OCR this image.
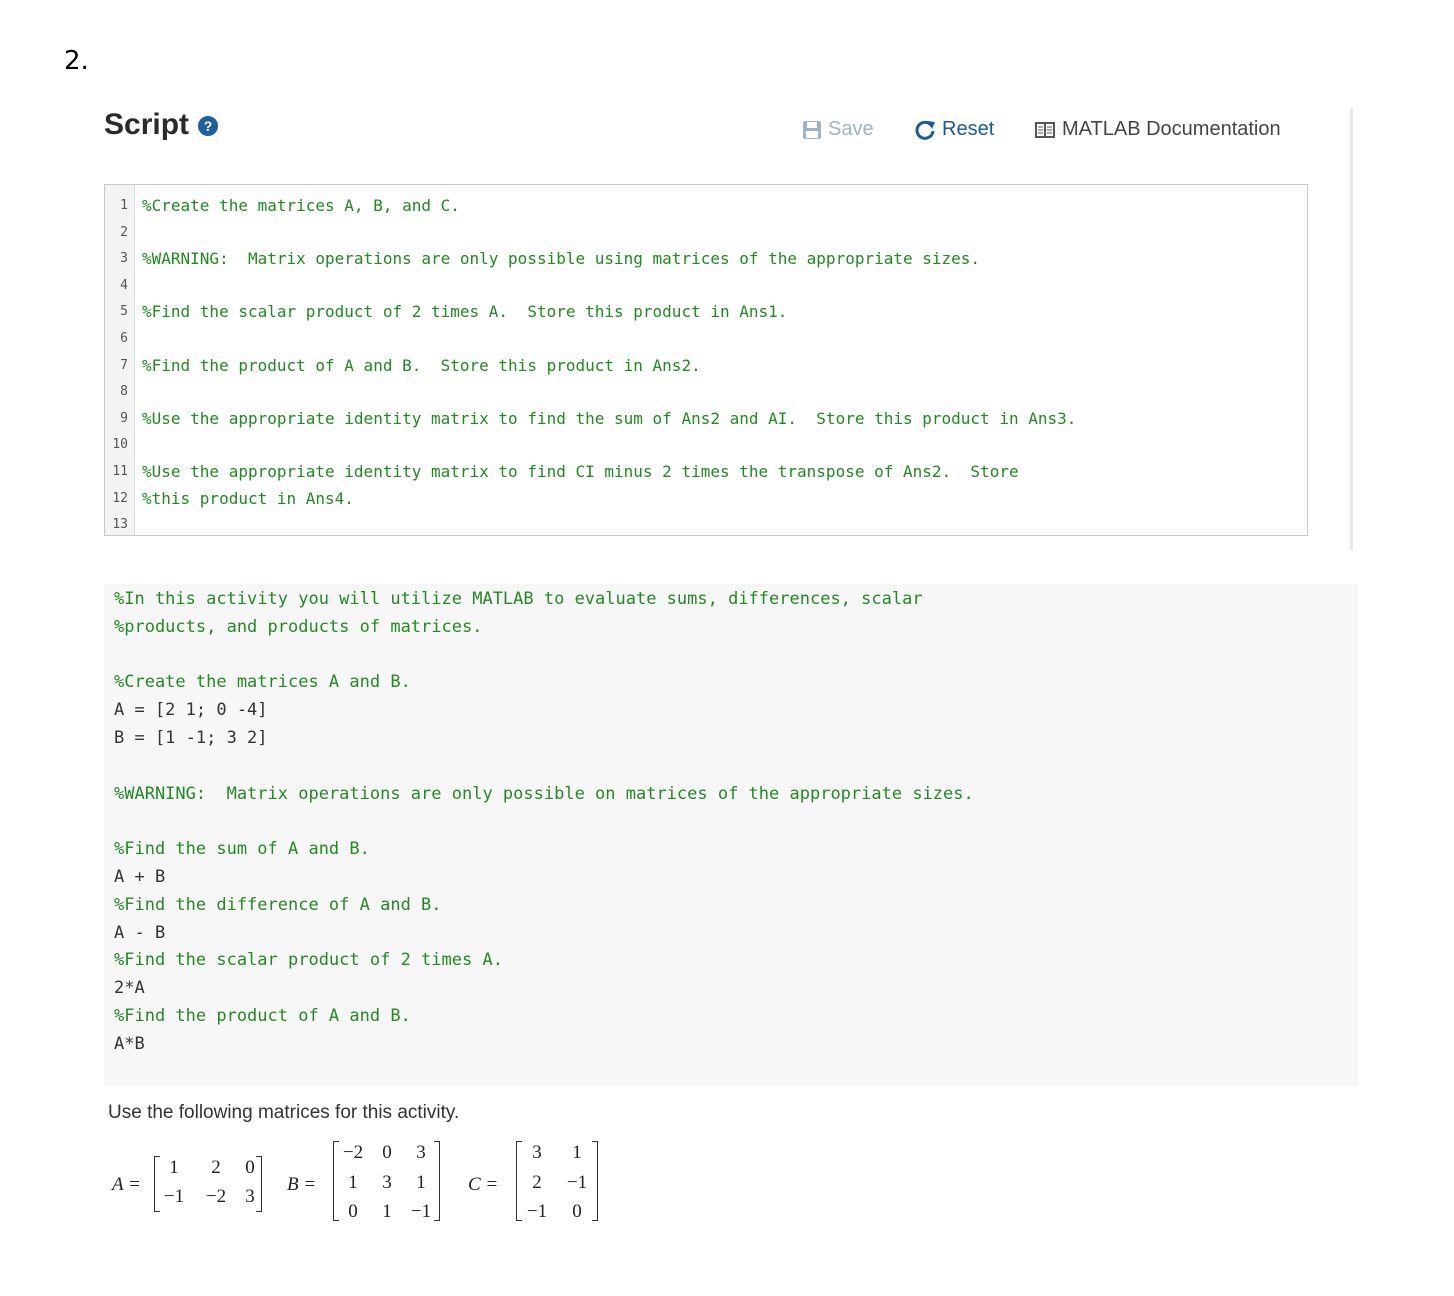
2.
Script	?	Save	Reset	MATLAB Documentation
1 %Create the matrices A, B, and C.
2
3 %WARNING:  Matrix operations are only possible using matrices of the appropriate sizes.
4
5 %Find the scalar product of 2 times A.  Store this product in Ans1.
6
7 %Find the product of A and B.  Store this product in Ans2.
8
9 %Use the appropriate identity matrix to find the sum of Ans2 and AI.  Store this product in Ans3.
10
11 %Use the appropriate identity matrix to find CI minus 2 times the transpose of Ans2.  Store
12 %this product in Ans4.
13
%In this activity you will utilize MATLAB to evaluate sums, differences, scalar
%products, and products of matrices.
%Create the matrices A and B.
A = [2 1; 0 -4]
B = [1 -1; 3 2]
%WARNING:  Matrix operations are only possible on matrices of the appropriate sizes.
%Find the sum of A and B.
A + B
%Find the difference of A and B.
A - B
%Find the scalar product of 2 times A.
2*A
%Find the product of A and B.
A*B
Use the following matrices for this activity.
A =
1	2	0
−1	−2	3
B =
−2	0	3
1	3	1
0	1	−1
C =
3	1
2	−1
−1	0
